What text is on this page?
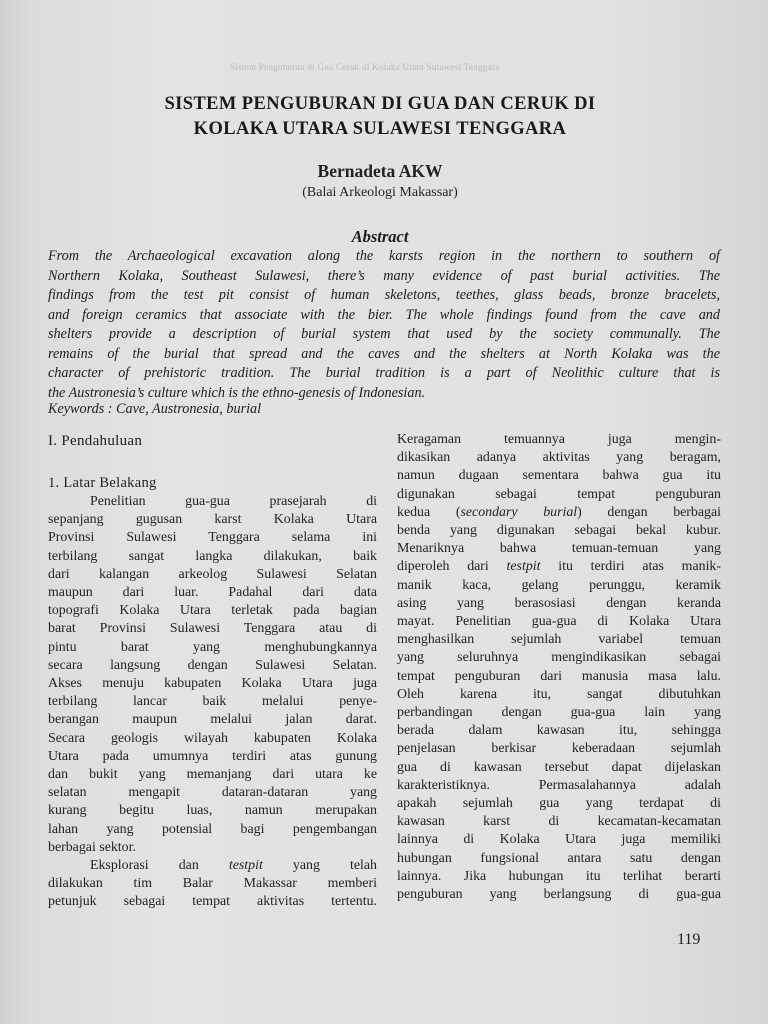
Sistem Penguburan di Gua Ceruk di Kolaka Utara Sulawesi Tenggara
SISTEM PENGUBURAN DI GUA DAN CERUK DI
KOLAKA UTARA SULAWESI TENGGARA
Bernadeta AKW
(Balai Arkeologi Makassar)
Abstract
From the Archaeological excavation along the karsts region in the northern to southern of
Northern Kolaka, Southeast Sulawesi, there’s many evidence of past burial activities. The
findings from the test pit consist of human skeletons, teethes, glass beads, bronze bracelets,
and foreign ceramics that associate with the bier. The whole findings found from the cave and
shelters provide a description of burial system that used by the society communally. The
remains of the burial that spread and the caves and the shelters at North Kolaka was the
character of prehistoric tradition. The burial tradition is a part of Neolithic culture that is
the Austronesia’s culture which is the ethno-genesis of Indonesian.
Keywords : Cave, Austronesia, burial
I. Pendahuluan
1. Latar Belakang
Penelitian gua-gua prasejarah di
sepanjang gugusan karst Kolaka Utara
Provinsi Sulawesi Tenggara selama ini
terbilang sangat langka dilakukan, baik
dari kalangan arkeolog Sulawesi Selatan
maupun dari luar. Padahal dari data
topografi Kolaka Utara terletak pada bagian
barat Provinsi Sulawesi Tenggara atau di
pintu barat yang menghubungkannya
secara langsung dengan Sulawesi Selatan.
Akses menuju kabupaten Kolaka Utara juga
terbilang lancar baik melalui penye-
berangan maupun melalui jalan darat.
Secara geologis wilayah kabupaten Kolaka
Utara pada umumnya terdiri atas gunung
dan bukit yang memanjang dari utara ke
selatan mengapit dataran-dataran yang
kurang begitu luas, namun merupakan
lahan yang potensial bagi pengembangan
berbagai sektor.
Eksplorasi dan testpit yang telah
dilakukan tim Balar Makassar memberi
petunjuk sebagai tempat aktivitas tertentu.
Keragaman temuannya juga mengin-
dikasikan adanya aktivitas yang beragam,
namun dugaan sementara bahwa gua itu
digunakan sebagai tempat penguburan
kedua (secondary burial) dengan berbagai
benda yang digunakan sebagai bekal kubur.
Menariknya bahwa temuan-temuan yang
diperoleh dari testpit itu terdiri atas manik-
manik kaca, gelang perunggu, keramik
asing yang berasosiasi dengan keranda
mayat. Penelitian gua-gua di Kolaka Utara
menghasilkan sejumlah variabel temuan
yang seluruhnya mengindikasikan sebagai
tempat penguburan dari manusia masa lalu.
Oleh karena itu, sangat dibutuhkan
perbandingan dengan gua-gua lain yang
berada dalam kawasan itu, sehingga
penjelasan berkisar keberadaan sejumlah
gua di kawasan tersebut dapat dijelaskan
karakteristiknya. Permasalahannya adalah
apakah sejumlah gua yang terdapat di
kawasan karst di kecamatan-kecamatan
lainnya di Kolaka Utara juga memiliki
hubungan fungsional antara satu dengan
lainnya. Jika hubungan itu terlihat berarti
penguburan yang berlangsung di gua-gua
119
